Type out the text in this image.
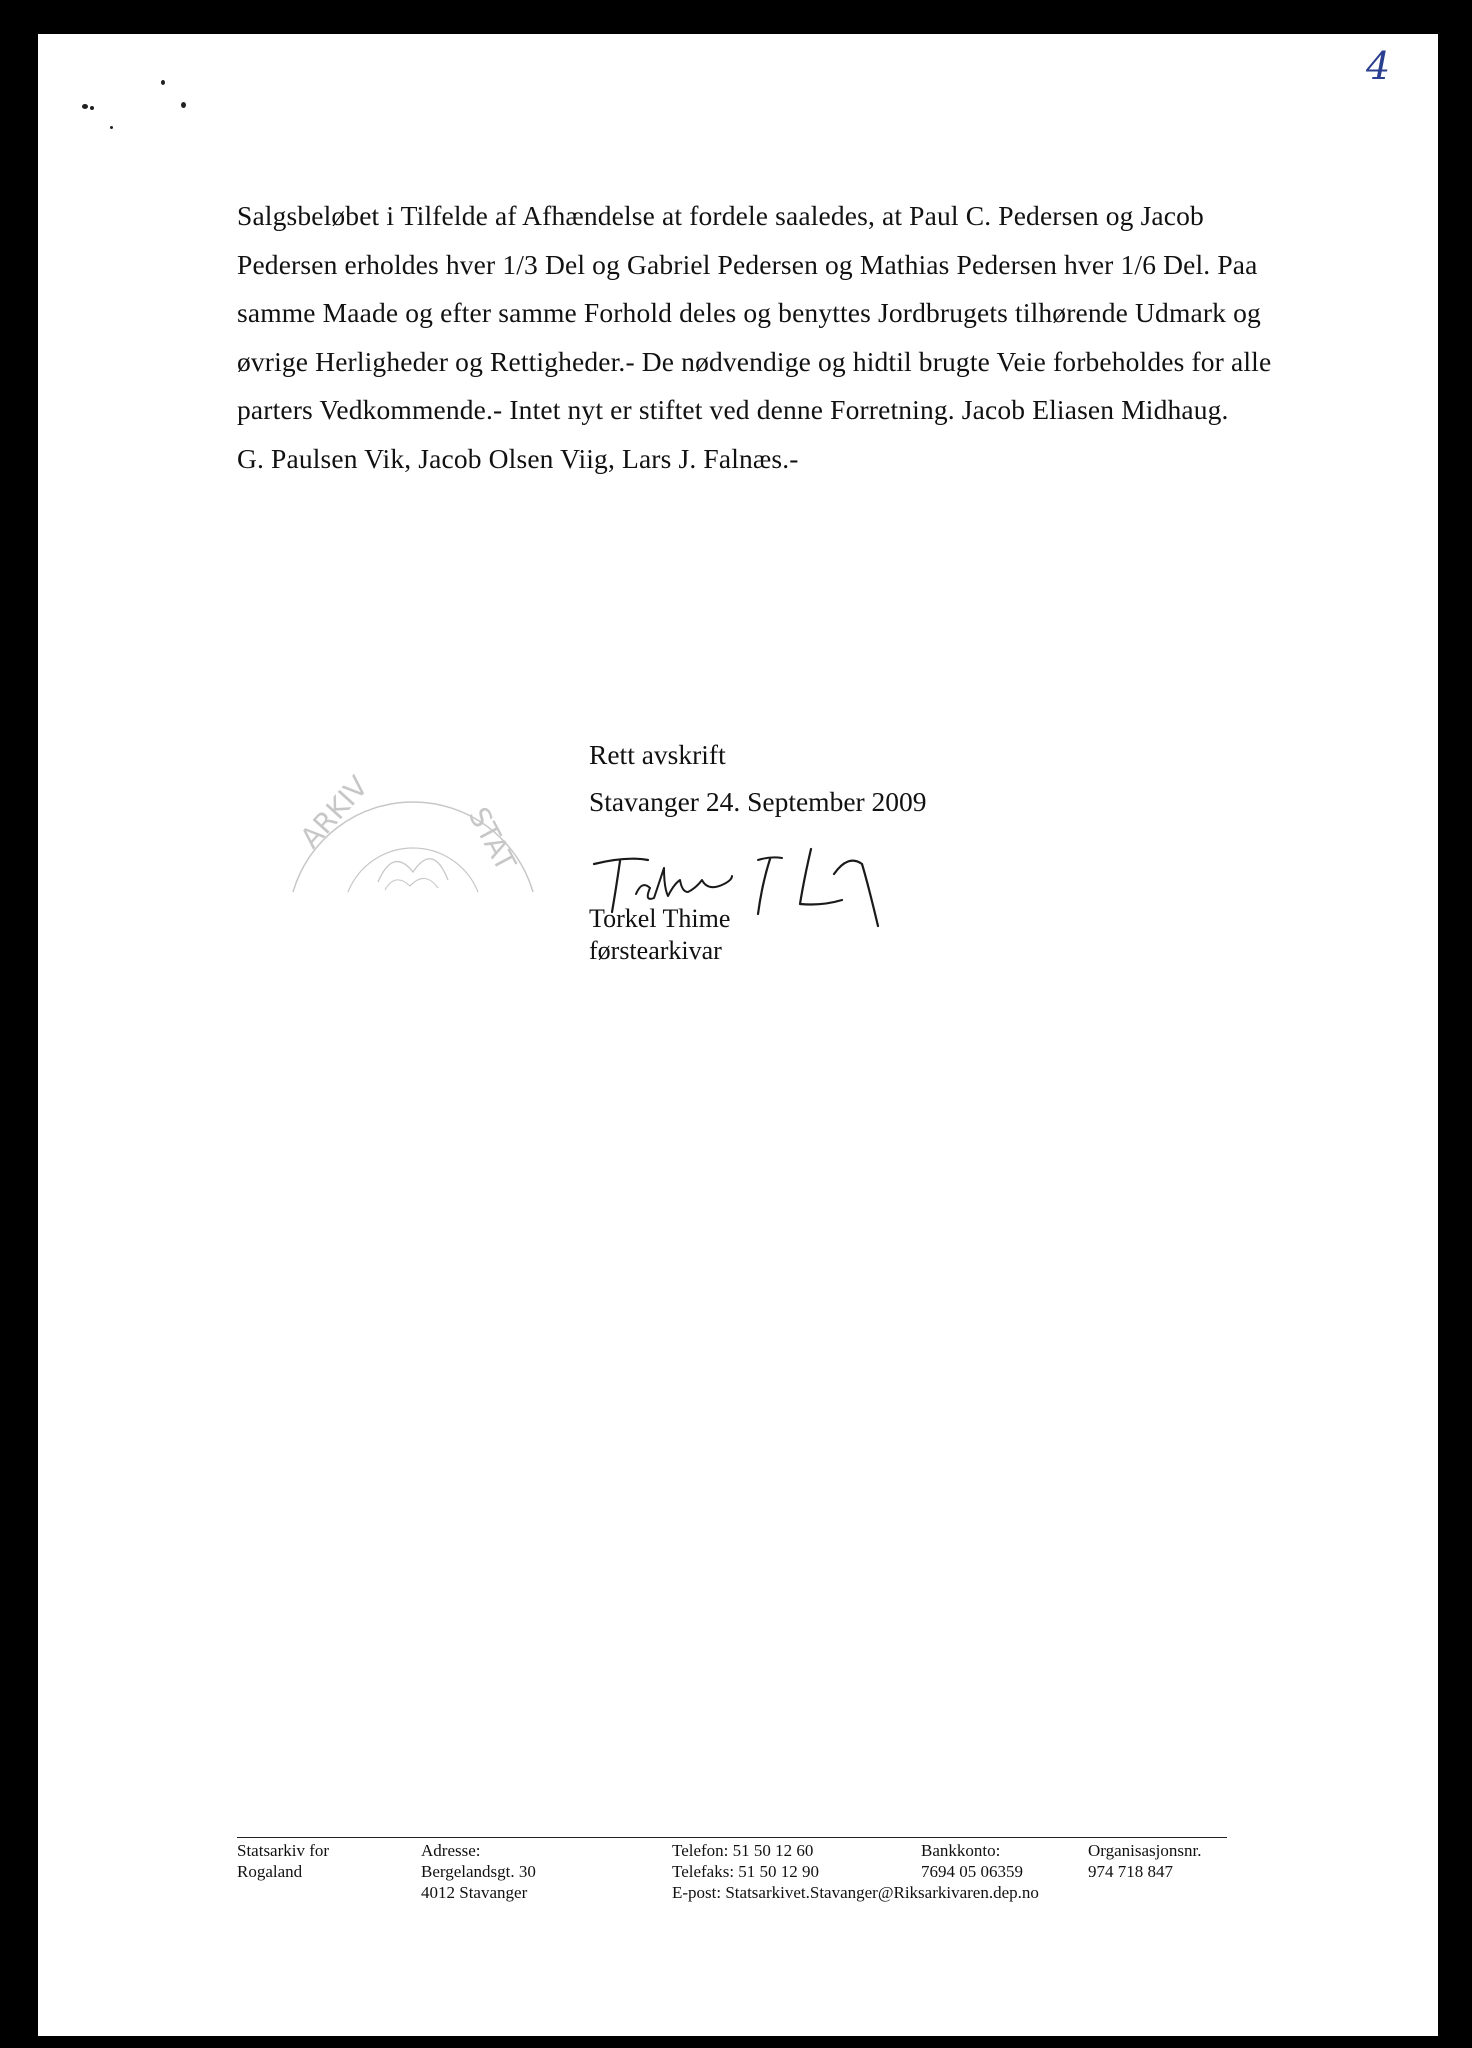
4
Salgsbeløbet i Tilfelde af Afhændelse at fordele saaledes, at Paul C. Pedersen og Jacob
Pedersen erholdes hver 1/3 Del og Gabriel Pedersen og Mathias Pedersen hver 1/6 Del. Paa
samme Maade og efter samme Forhold deles og benyttes Jordbrugets tilhørende Udmark og
øvrige Herligheder og Rettigheder.- De nødvendige og hidtil brugte Veie forbeholdes for alle
parters Vedkommende.- Intet nyt er stiftet ved denne Forretning. Jacob Eliasen Midhaug.
G. Paulsen Vik, Jacob Olsen Viig, Lars J. Falnæs.-
ARKIV	STAT
Rett avskrift
Stavanger 24. September 2009
Torkel Thime
førstearkivar
Statsarkiv for
Rogaland
Adresse:
Bergelandsgt. 30
4012 Stavanger
Telefon: 51 50 12 60
Telefaks: 51 50 12 90
E-post: Statsarkivet.Stavanger@Riksarkivaren.dep.no
Bankkonto:
7694 05 06359
Organisasjonsnr.
974 718 847
